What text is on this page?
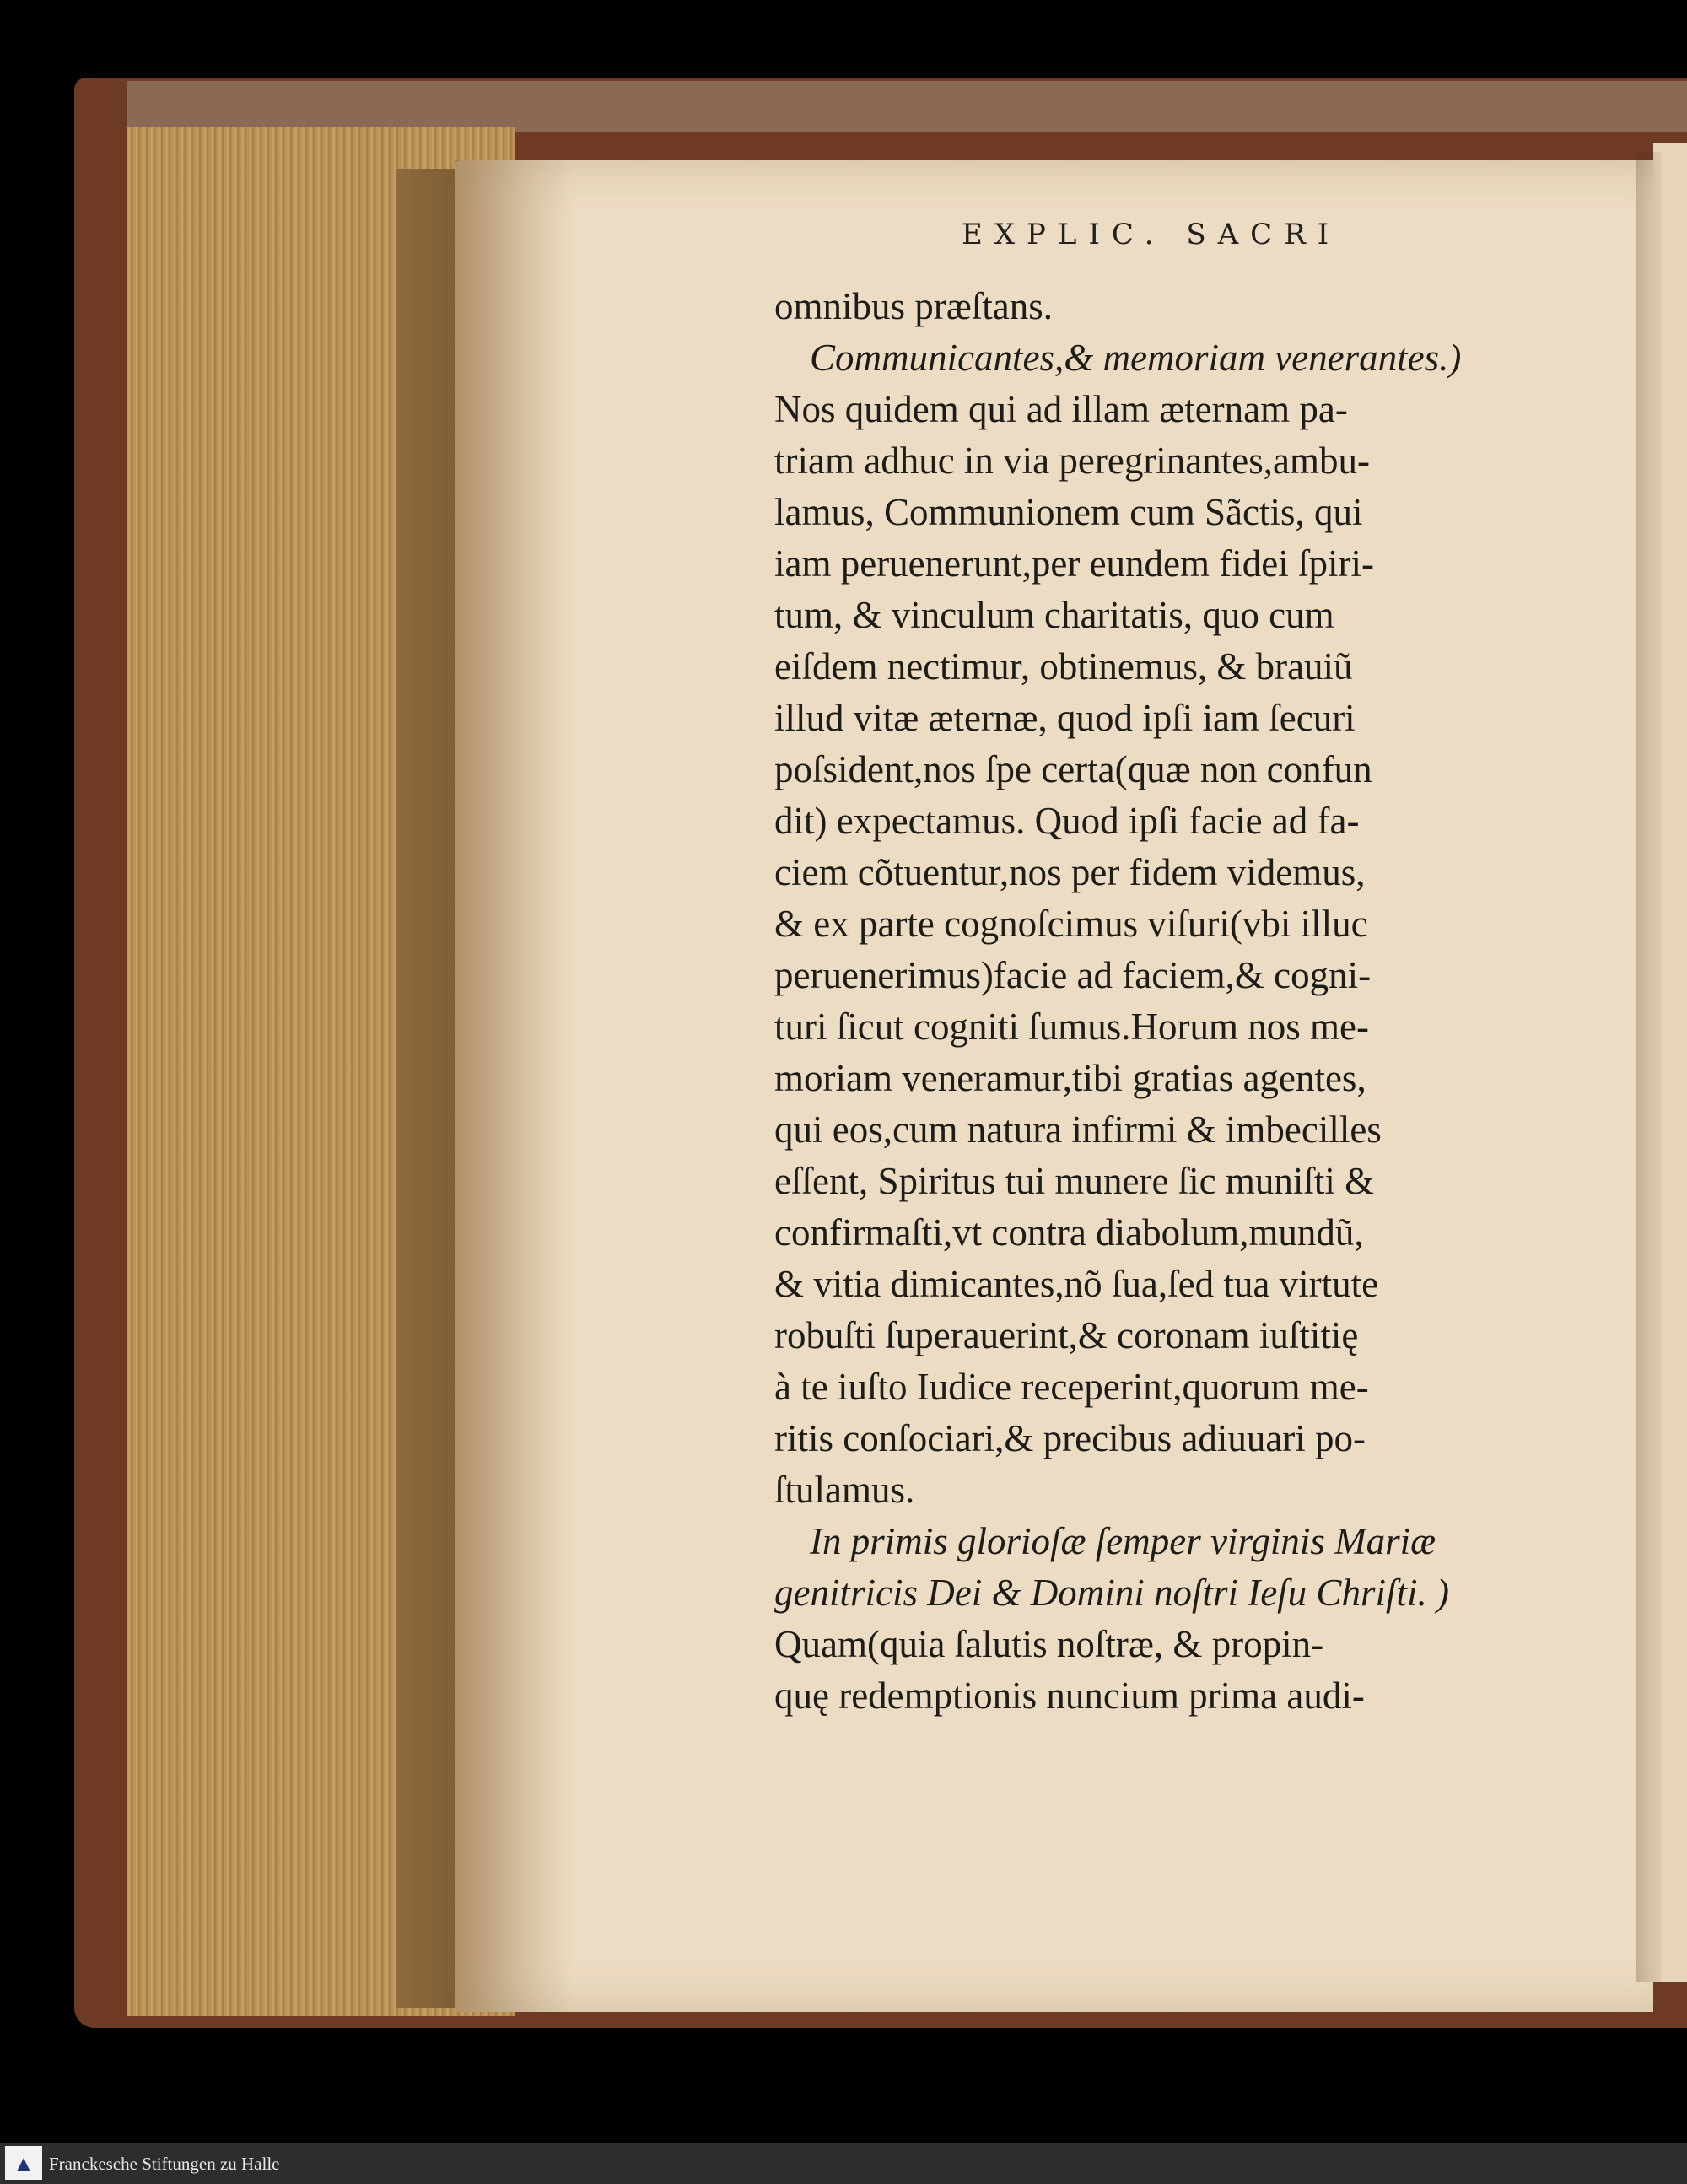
EXPLIC. SACRI
omnibus præſtans.
Communicantes,& memoriam venerantes.)
Nos quidem qui ad illam æternam pa-
triam adhuc in via peregrinantes,ambu-
lamus, Communionem cum Sãctis, qui
iam peruenerunt,per eundem fidei ſpiri-
tum, & vinculum charitatis, quo cum
eiſdem nectimur, obtinemus, & brauiũ
illud vitæ æternæ, quod ipſi iam ſecuri
poſsident,nos ſpe certa(quæ non confun
dit) expectamus. Quod ipſi facie ad fa-
ciem cõtuentur,nos per fidem videmus,
& ex parte cognoſcimus viſuri(vbi illuc
peruenerimus)facie ad faciem,& cogni-
turi ſicut cogniti ſumus.Horum nos me-
moriam veneramur,tibi gratias agentes,
qui eos,cum natura infirmi & imbecilles
eſſent, Spiritus tui munere ſic muniſti &
confirmaſti,vt contra diabolum,mundũ,
& vitia dimicantes,nõ ſua,ſed tua virtute
robuſti ſuperauerint,& coronam iuſtitię
à te iuſto Iudice receperint,quorum me-
ritis conſociari,& precibus adiuuari po-
ſtulamus.
In primis glorioſæ ſemper virginis Mariæ
genitricis Dei & Domini noſtri Ieſu Chriſti. )
Quam(quia ſalutis noſtræ, & propin-
quę redemptionis nuncium prima audi-
▲	Franckesche Stiftungen zu Halle
